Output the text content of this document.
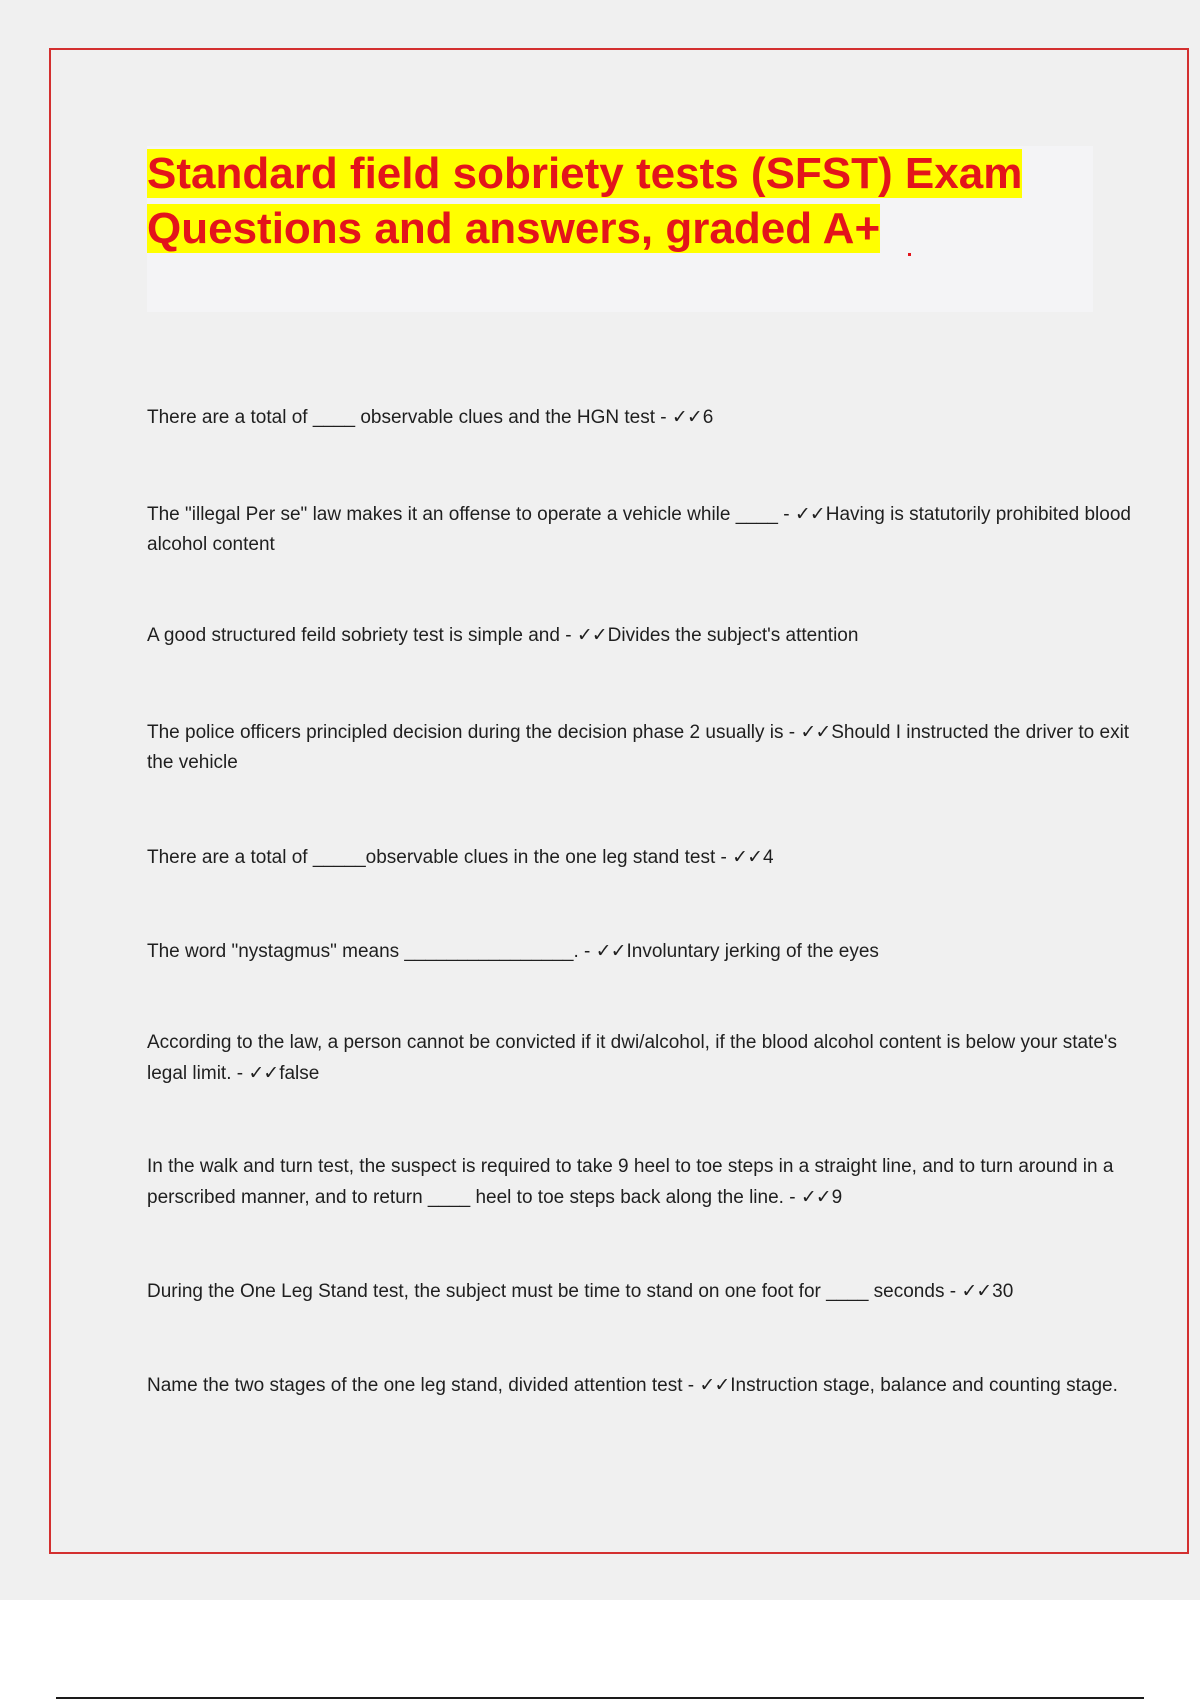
Standard field sobriety tests (SFST) Exam Questions and answers, graded A+
There are a total of ____ observable clues and the HGN test - ✓✓6
The "illegal Per se" law makes it an offense to operate a vehicle while ____ - ✓✓Having is statutorily prohibited blood alcohol content
A good structured feild sobriety test is simple and - ✓✓Divides the subject's attention
The police officers principled decision during the decision phase 2 usually is - ✓✓Should I instructed the driver to exit the vehicle
There are a total of _____observable clues in the one leg stand test - ✓✓4
The word "nystagmus" means ________________. - ✓✓Involuntary jerking of the eyes
According to the law, a person cannot be convicted if it dwi/alcohol, if the blood alcohol content is below your state's legal limit. - ✓✓false
In the walk and turn test, the suspect is required to take 9 heel to toe steps in a straight line, and to turn around in a perscribed manner, and to return ____ heel to toe steps back along the line. - ✓✓9
During the One Leg Stand test, the subject must be time to stand on one foot for ____ seconds - ✓✓30
Name the two stages of the one leg stand, divided attention test - ✓✓Instruction stage, balance and counting stage.
